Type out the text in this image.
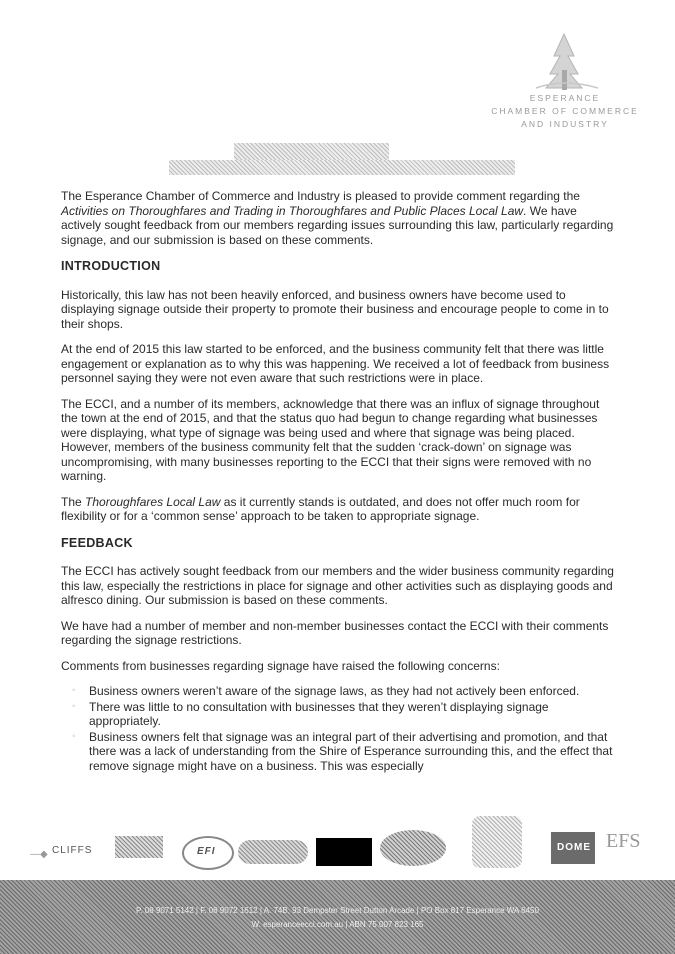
ESPERANCE
CHAMBER OF COMMERCE
AND INDUSTRY

The Esperance Chamber of Commerce and Industry is pleased to provide comment regarding the Activities on Thoroughfares and Trading in Thoroughfares and Public Places Local Law. We have actively sought feedback from our members regarding issues surrounding this law, particularly regarding signage, and our submission is based on these comments.

INTRODUCTION

Historically, this law has not been heavily enforced, and business owners have become used to displaying signage outside their property to promote their business and encourage people to come in to their shops.

At the end of 2015 this law started to be enforced, and the business community felt that there was little engagement or explanation as to why this was happening. We received a lot of feedback from business personnel saying they were not even aware that such restrictions were in place.

The ECCI, and a number of its members, acknowledge that there was an influx of signage throughout the town at the end of 2015, and that the status quo had begun to change regarding what businesses were displaying, what type of signage was being used and where that signage was being placed. However, members of the business community felt that the sudden ‘crack-down’ on signage was uncompromising, with many businesses reporting to the ECCI that their signs were removed with no warning.

The Thoroughfares Local Law as it currently stands is outdated, and does not offer much room for flexibility or for a ‘common sense’ approach to be taken to appropriate signage.

FEEDBACK

The ECCI has actively sought feedback from our members and the wider business community regarding this law, especially the restrictions in place for signage and other activities such as displaying goods and alfresco dining. Our submission is based on these comments.

We have had a number of member and non-member businesses contact the ECCI with their comments regarding the signage restrictions.

Comments from businesses regarding signage have raised the following concerns:

◦ Business owners weren’t aware of the signage laws, as they had not actively been enforced.
◦ There was little to no consultation with businesses that they weren’t displaying signage appropriately.
◦ Business owners felt that signage was an integral part of their advertising and promotion, and that there was a lack of understanding from the Shire of Esperance surrounding this, and the effect that remove signage might have on a business. This was especially
—◆ CLIFFS	EFI	DOME EFS
P. 08 9071 5142 | F. 08 9072 1612 | A. 74B, 93 Dempster Street Dutton Arcade | PO Box 817 Esperance WA 6450
W. esperanceecci.com.au | ABN 75 007 823 165
